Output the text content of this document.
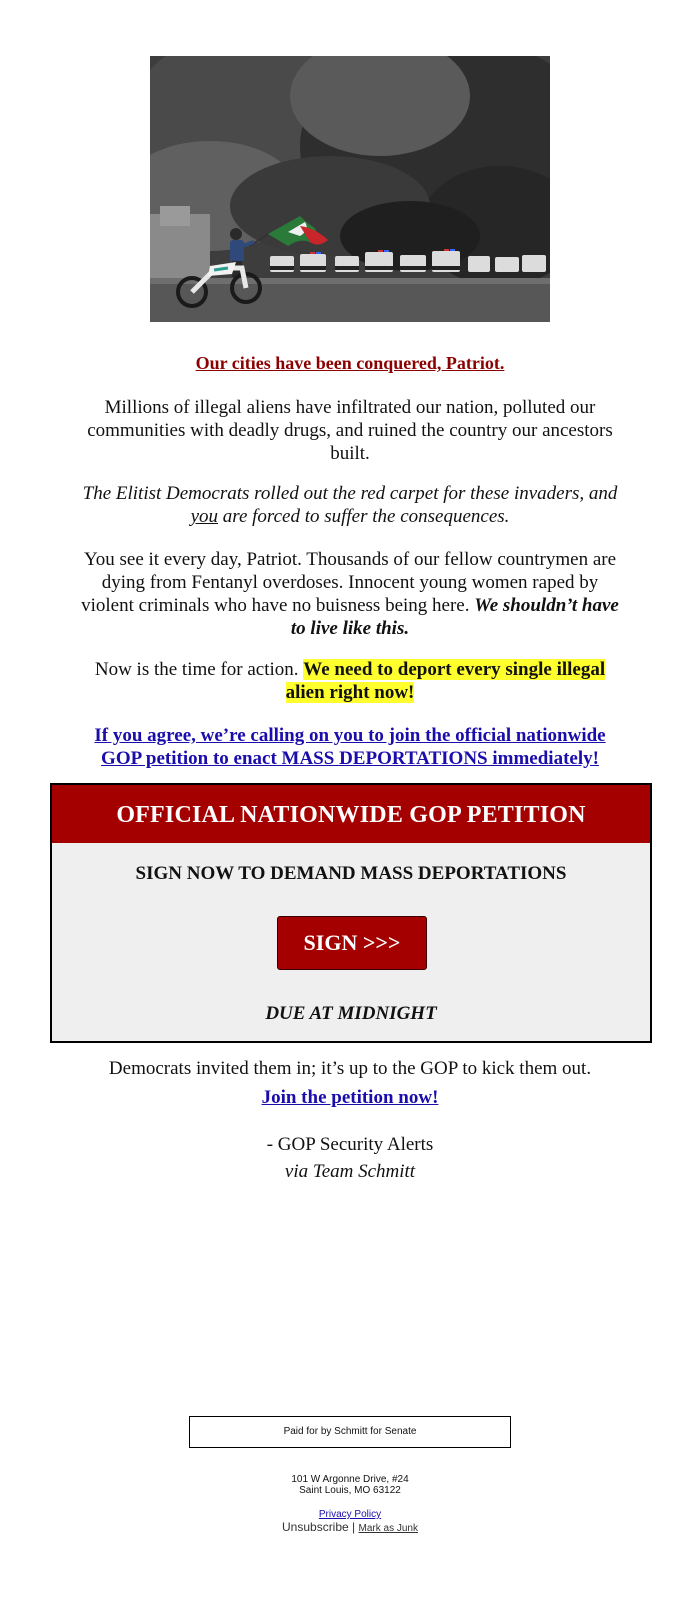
Our cities have been conquered, Patriot.
Millions of illegal aliens have infiltrated our nation, polluted our communities with deadly drugs, and ruined the country our ancestors built.
The Elitist Democrats rolled out the red carpet for these invaders, and you are forced to suffer the consequences.
You see it every day, Patriot. Thousands of our fellow countrymen are dying from Fentanyl overdoses. Innocent young women raped by violent criminals who have no buisness being here. We shouldn’t have to live like this.
Now is the time for action. We need to deport every single illegal alien right now!
If you agree, we’re calling on you to join the official nationwide GOP petition to enact MASS DEPORTATIONS immediately!
OFFICIAL NATIONWIDE GOP PETITION
SIGN NOW TO DEMAND MASS DEPORTATIONS
SIGN >>>
DUE AT MIDNIGHT
Democrats invited them in; it’s up to the GOP to kick them out.
Join the petition now!
- GOP Security Alerts
via Team Schmitt
Paid for by Schmitt for Senate
101 W Argonne Drive, #24
Saint Louis, MO 63122
Privacy Policy
Unsubscribe | Mark as Junk
